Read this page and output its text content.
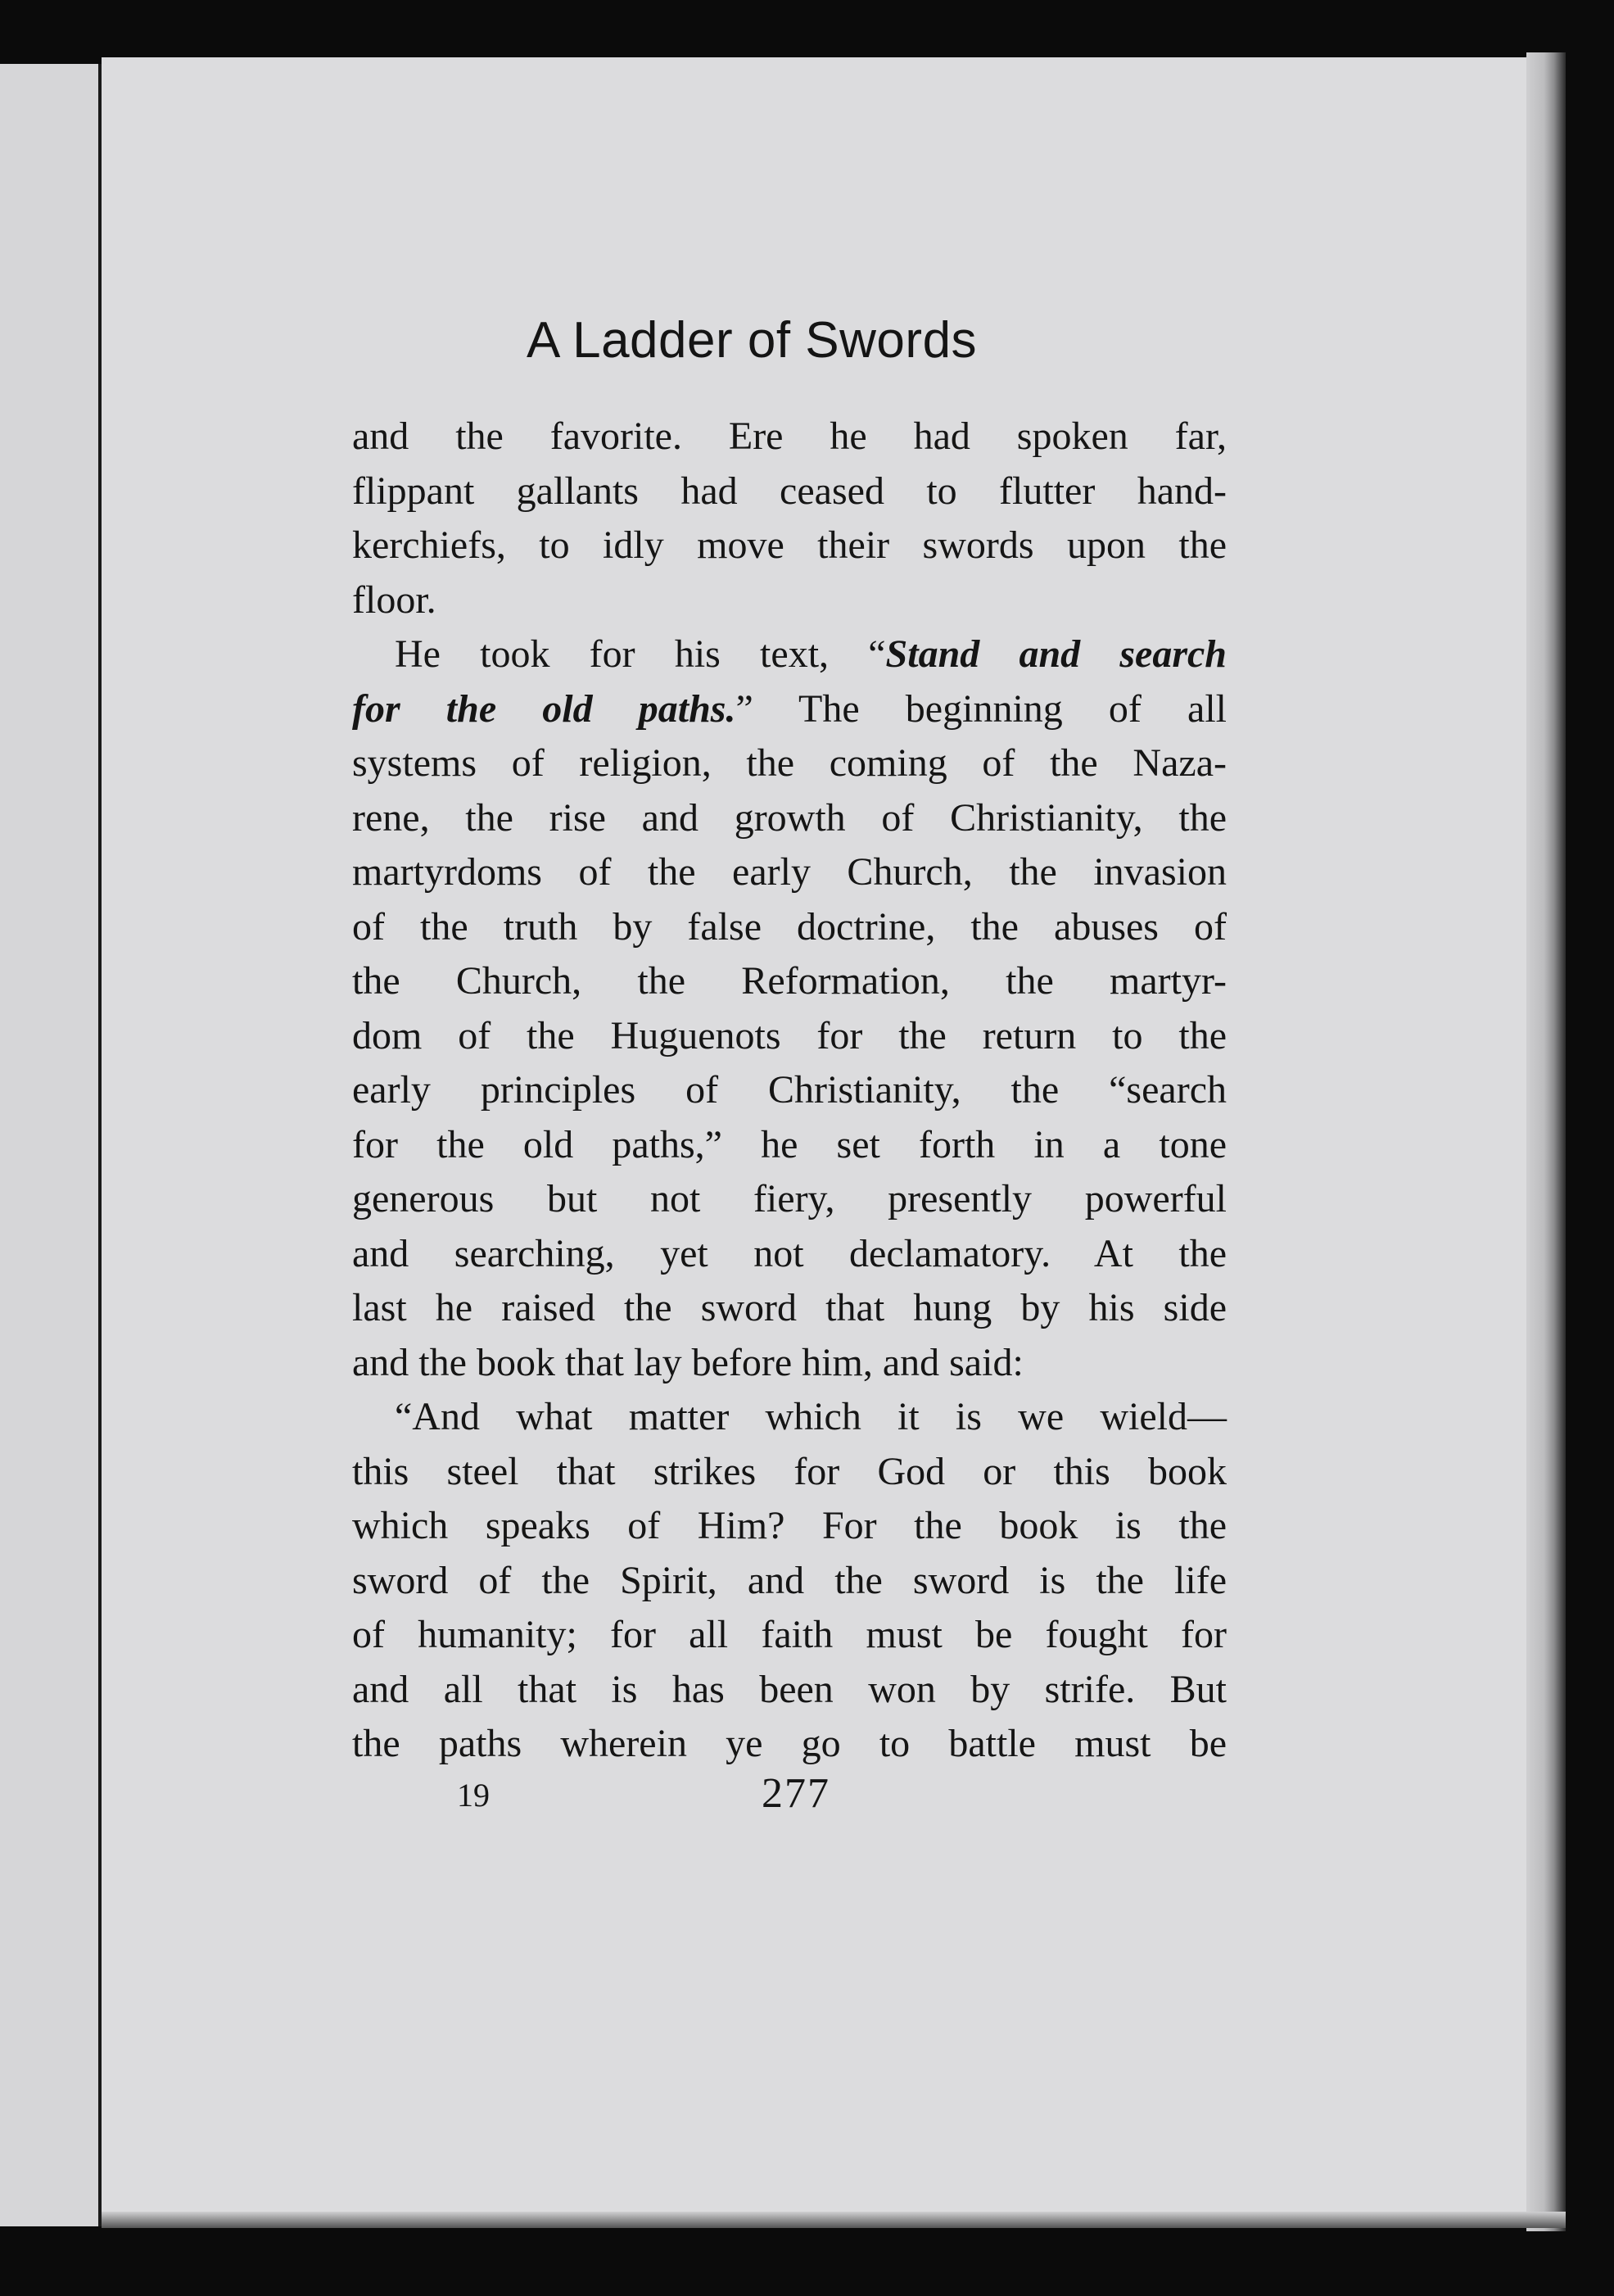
A Ladder of Swords
and the favorite. Ere he had spoken far,
flippant gallants had ceased to flutter hand-
kerchiefs, to idly move their swords upon the
floor.
He took for his text, “Stand and search
for the old paths.” The beginning of all
systems of religion, the coming of the Naza-
rene, the rise and growth of Christianity, the
martyrdoms of the early Church, the invasion
of the truth by false doctrine, the abuses of
the Church, the Reformation, the martyr-
dom of the Huguenots for the return to the
early principles of Christianity, the “search
for the old paths,” he set forth in a tone
generous but not fiery, presently powerful
and searching, yet not declamatory. At the
last he raised the sword that hung by his side
and the book that lay before him, and said:
“And what matter which it is we wield—
this steel that strikes for God or this book
which speaks of Him? For the book is the
sword of the Spirit, and the sword is the life
of humanity; for all faith must be fought for
and all that is has been won by strife. But
the paths wherein ye go to battle must be
19	277
